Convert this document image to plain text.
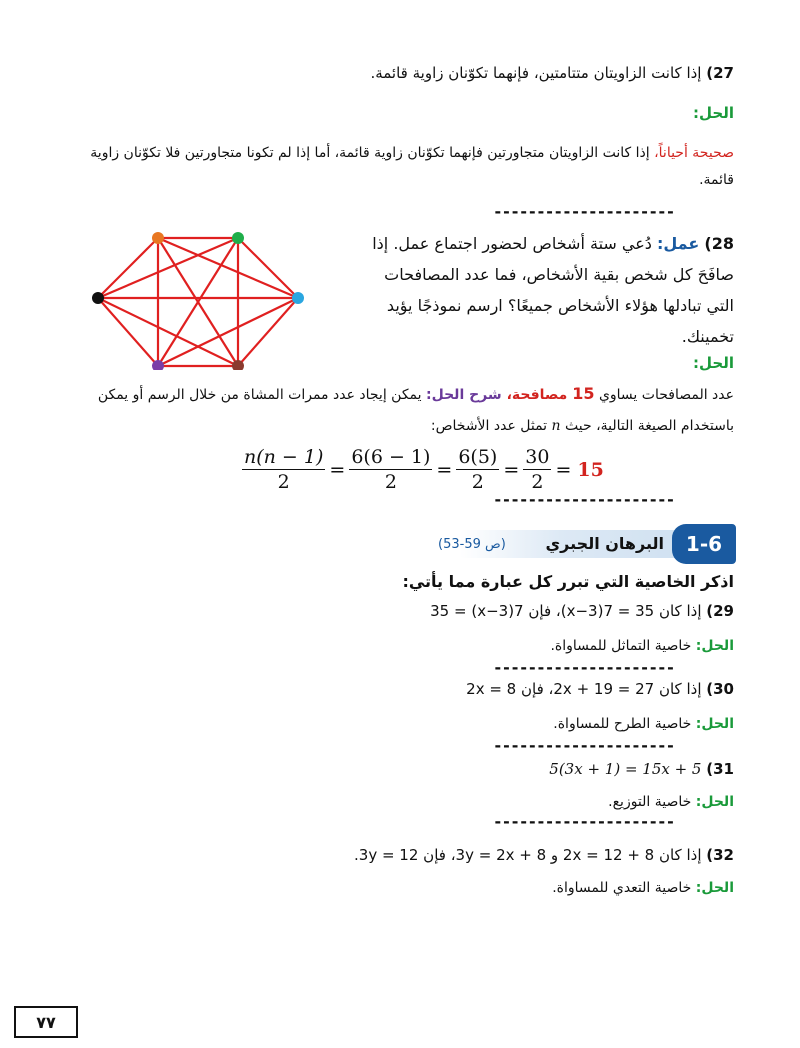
27) إذا كانت الزاويتان متتامتين، فإنهما تكوّنان زاوية قائمة.
الحل:
صحيحة أحياناً، إذا كانت الزاويتان متجاورتين فإنهما تكوّنان زاوية قائمة، أما إذا لم تكونا متجاورتين فلا تكوّنان زاوية
قائمة.
---------------------
28) عمل: دُعي ستة أشخاص لحضور اجتماع عمل. إذا
صافَحَ كل شخص بقية الأشخاص، فما عدد المصافحات
التي تبادلها هؤلاء الأشخاص جميعًا؟ ارسم نموذجًا يؤيد
تخمينك.
الحل:
عدد المصافحات يساوي 15 مصافحة، شرح الحل: يمكن إيجاد عدد ممرات المشاة من خلال الرسم أو يمكن
باستخدام الصيغة التالية، حيث n تمثل عدد الأشخاص:
$\frac{n(n - 1)}{2} = \frac{6(6 - 1)}{2} = \frac{6(5)}{2} = \frac{30}{2} = 15$
---------------------
1-6
البرهان الجبري
(ص 59-53)
اذكر الخاصية التي تبرر كل عبارة مما يأتي:
29) إذا كان 35 = 7(x−3)، فإن 7(x−3) = 35
الحل: خاصية التماثل للمساواة.
---------------------
30) إذا كان 27 = 2x + 19، فإن 2x = 8
الحل: خاصية الطرح للمساواة.
---------------------
31) 5(3x + 1) = 15x + 5
الحل: خاصية التوزيع.
---------------------
32) إذا كان 8 + 2x = 12 و 3y = 2x + 8، فإن 3y = 12.
الحل: خاصية التعدي للمساواة.
٧٧
